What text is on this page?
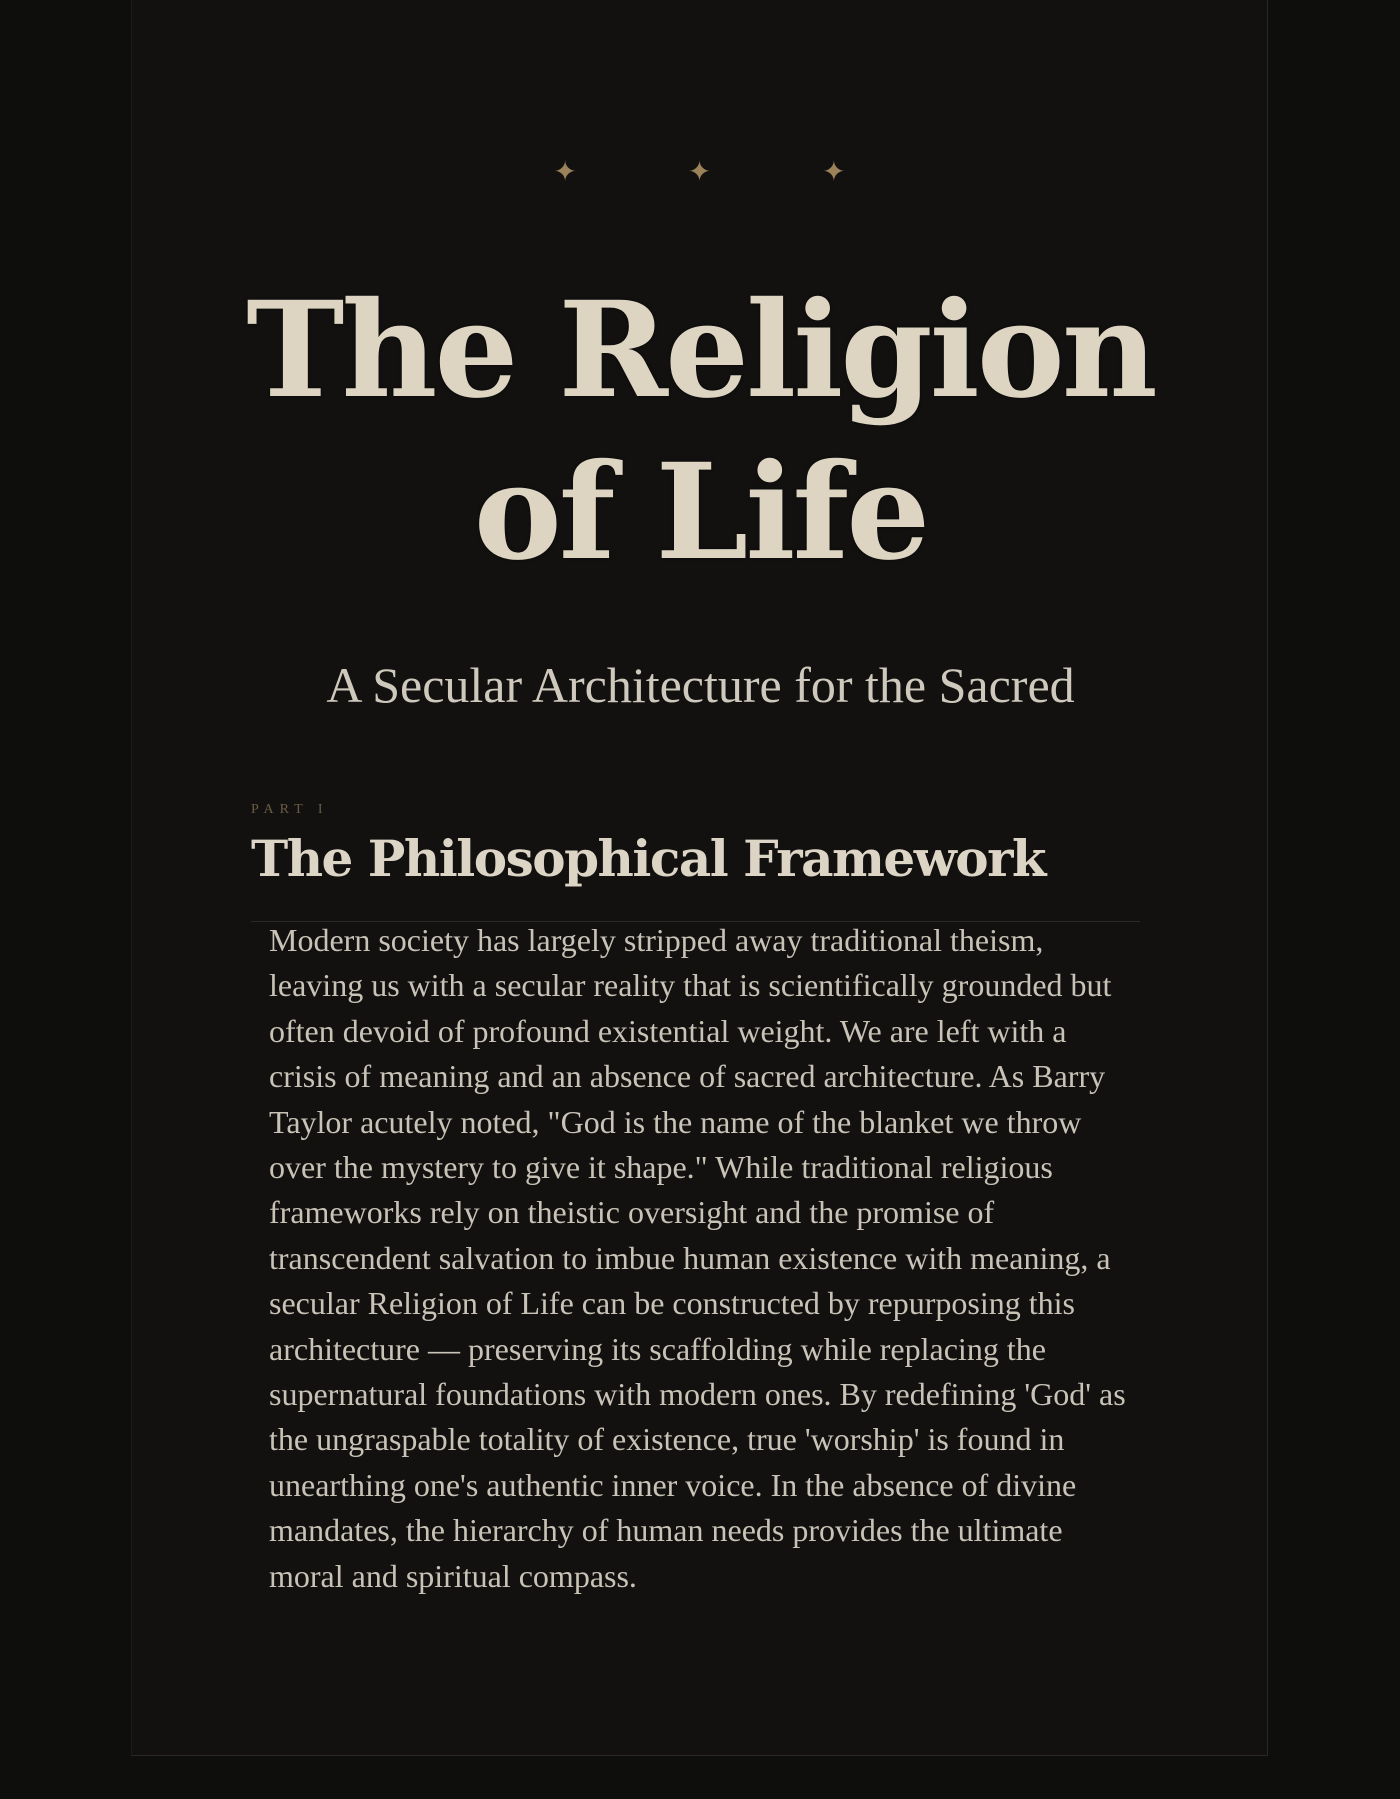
✦	✦	✦
The Religion of Life

A Secular Architecture for the Sacred

PART I
The Philosophical Framework

Modern society has largely stripped away traditional theism, leaving us with a secular reality that is scientifically grounded but often devoid of profound existential weight. We are left with a crisis of meaning and an absence of sacred architecture. As Barry Taylor acutely noted, "God is the name of the blanket we throw over the mystery to give it shape." While traditional religious frameworks rely on theistic oversight and the promise of transcendent salvation to imbue human existence with meaning, a secular Religion of Life can be constructed by repurposing this architecture — preserving its scaffolding while replacing the supernatural foundations with modern ones. By redefining 'God' as the ungraspable totality of existence, true 'worship' is found in unearthing one's authentic inner voice. In the absence of divine mandates, the hierarchy of human needs provides the ultimate moral and spiritual compass.
